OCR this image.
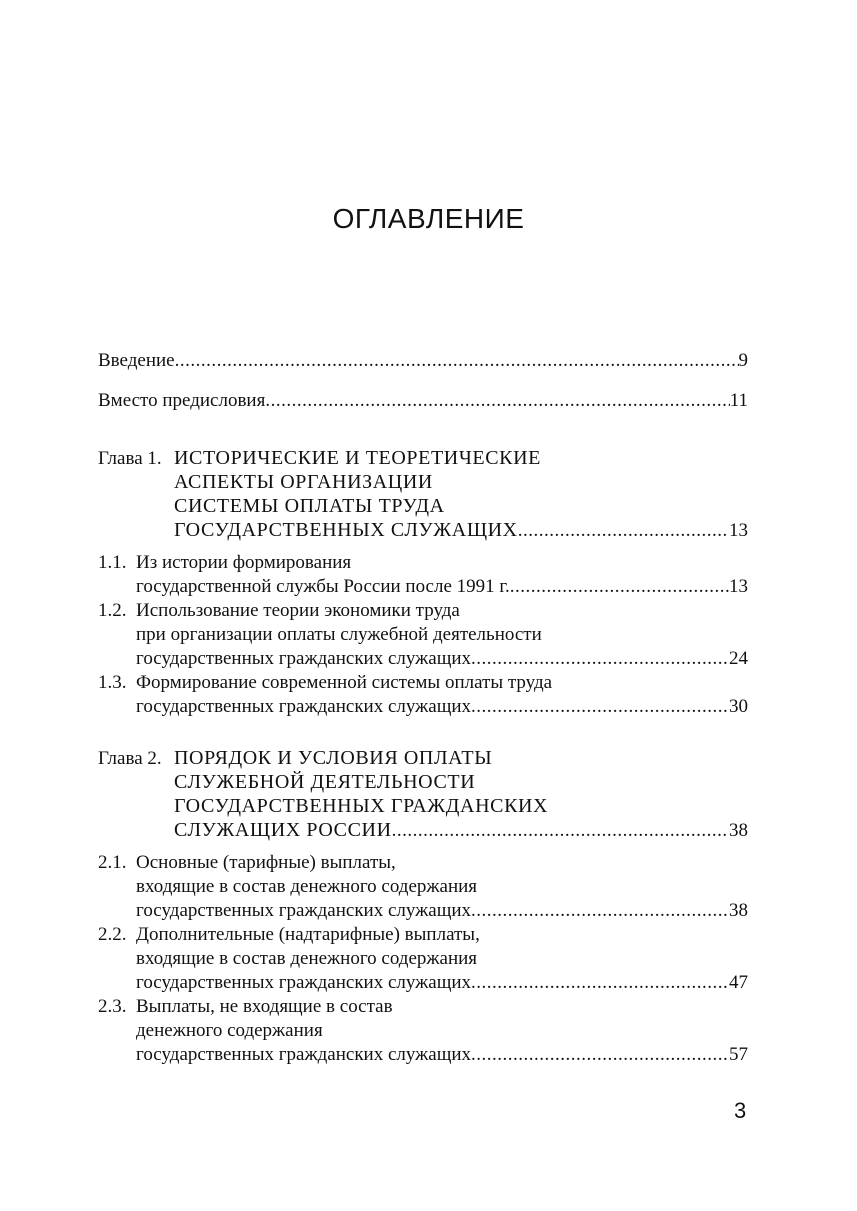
ОГЛАВЛЕНИЕ
Введение .....	9
Вместо предисловия .....	11
Глава 1. ИСТОРИЧЕСКИЕ И ТЕОРЕТИЧЕСКИЕ
АСПЕКТЫ ОРГАНИЗАЦИИ
СИСТЕМЫ ОПЛАТЫ ТРУДА
ГОСУДАРСТВЕННЫХ СЛУЖАЩИХ .....	13
1.1. Из истории формирования
государственной службы России после 1991 г. .....	13
1.2. Использование теории экономики труда
при организации оплаты служебной деятельности
государственных гражданских служащих .....	24
1.3. Формирование современной системы оплаты труда
государственных гражданских служащих .....	30
Глава 2. ПОРЯДОК И УСЛОВИЯ ОПЛАТЫ
СЛУЖЕБНОЙ ДЕЯТЕЛЬНОСТИ
ГОСУДАРСТВЕННЫХ ГРАЖДАНСКИХ
СЛУЖАЩИХ РОССИИ .....	38
2.1. Основные (тарифные) выплаты,
входящие в состав денежного содержания
государственных гражданских служащих .....	38
2.2. Дополнительные (надтарифные) выплаты,
входящие в состав денежного содержания
государственных гражданских служащих .....	47
2.3. Выплаты, не входящие в состав
денежного содержания
государственных гражданских служащих .....	57
3
